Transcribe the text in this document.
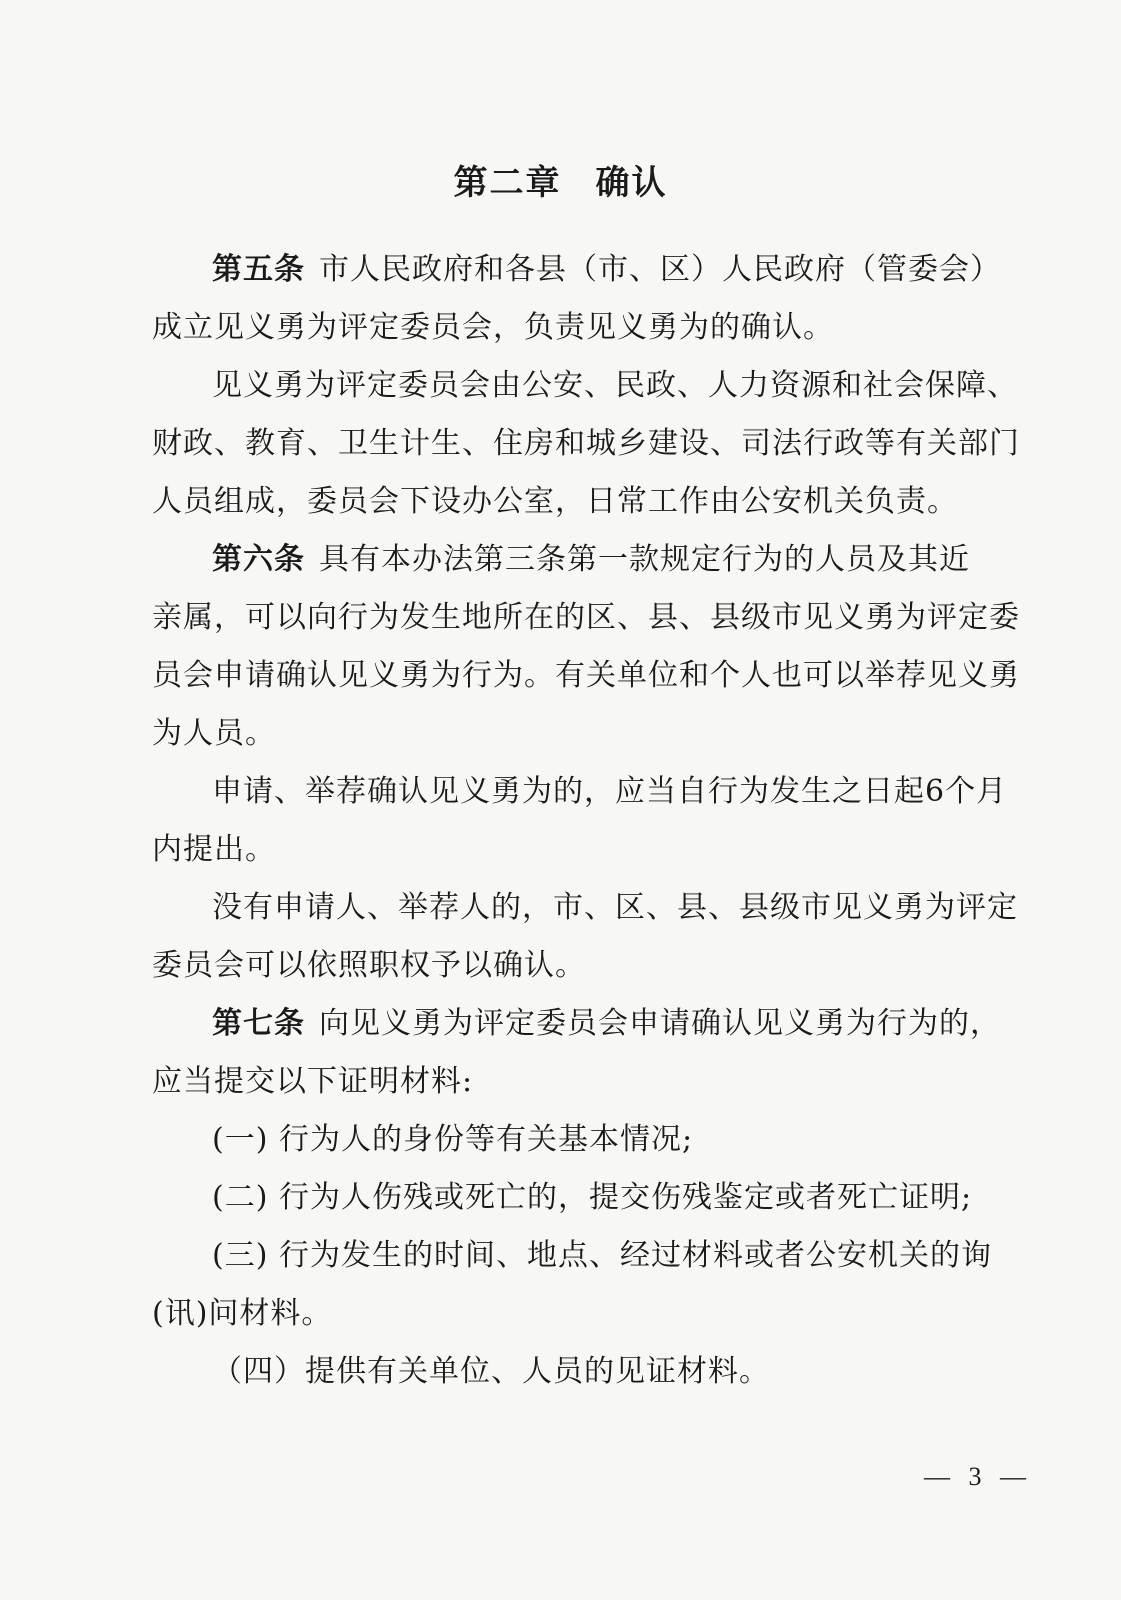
第二章 确认
第五条 市人民政府和各县（市、区）人民政府（管委会）
成立见义勇为评定委员会，负责见义勇为的确认。
见义勇为评定委员会由公安、民政、人力资源和社会保障、
财政、教育、卫生计生、住房和城乡建设、司法行政等有关部门
人员组成，委员会下设办公室，日常工作由公安机关负责。
第六条 具有本办法第三条第一款规定行为的人员及其近
亲属，可以向行为发生地所在的区、县、县级市见义勇为评定委
员会申请确认见义勇为行为。有关单位和个人也可以举荐见义勇
为人员。
申请、举荐确认见义勇为的，应当自行为发生之日起6个月
内提出。
没有申请人、举荐人的，市、区、县、县级市见义勇为评定
委员会可以依照职权予以确认。
第七条 向见义勇为评定委员会申请确认见义勇为行为的，
应当提交以下证明材料:
(一) 行为人的身份等有关基本情况;
(二) 行为人伤残或死亡的，提交伤残鉴定或者死亡证明;
(三) 行为发生的时间、地点、经过材料或者公安机关的询
(讯)问材料。
（四）提供有关单位、人员的见证材料。
— 3 —
